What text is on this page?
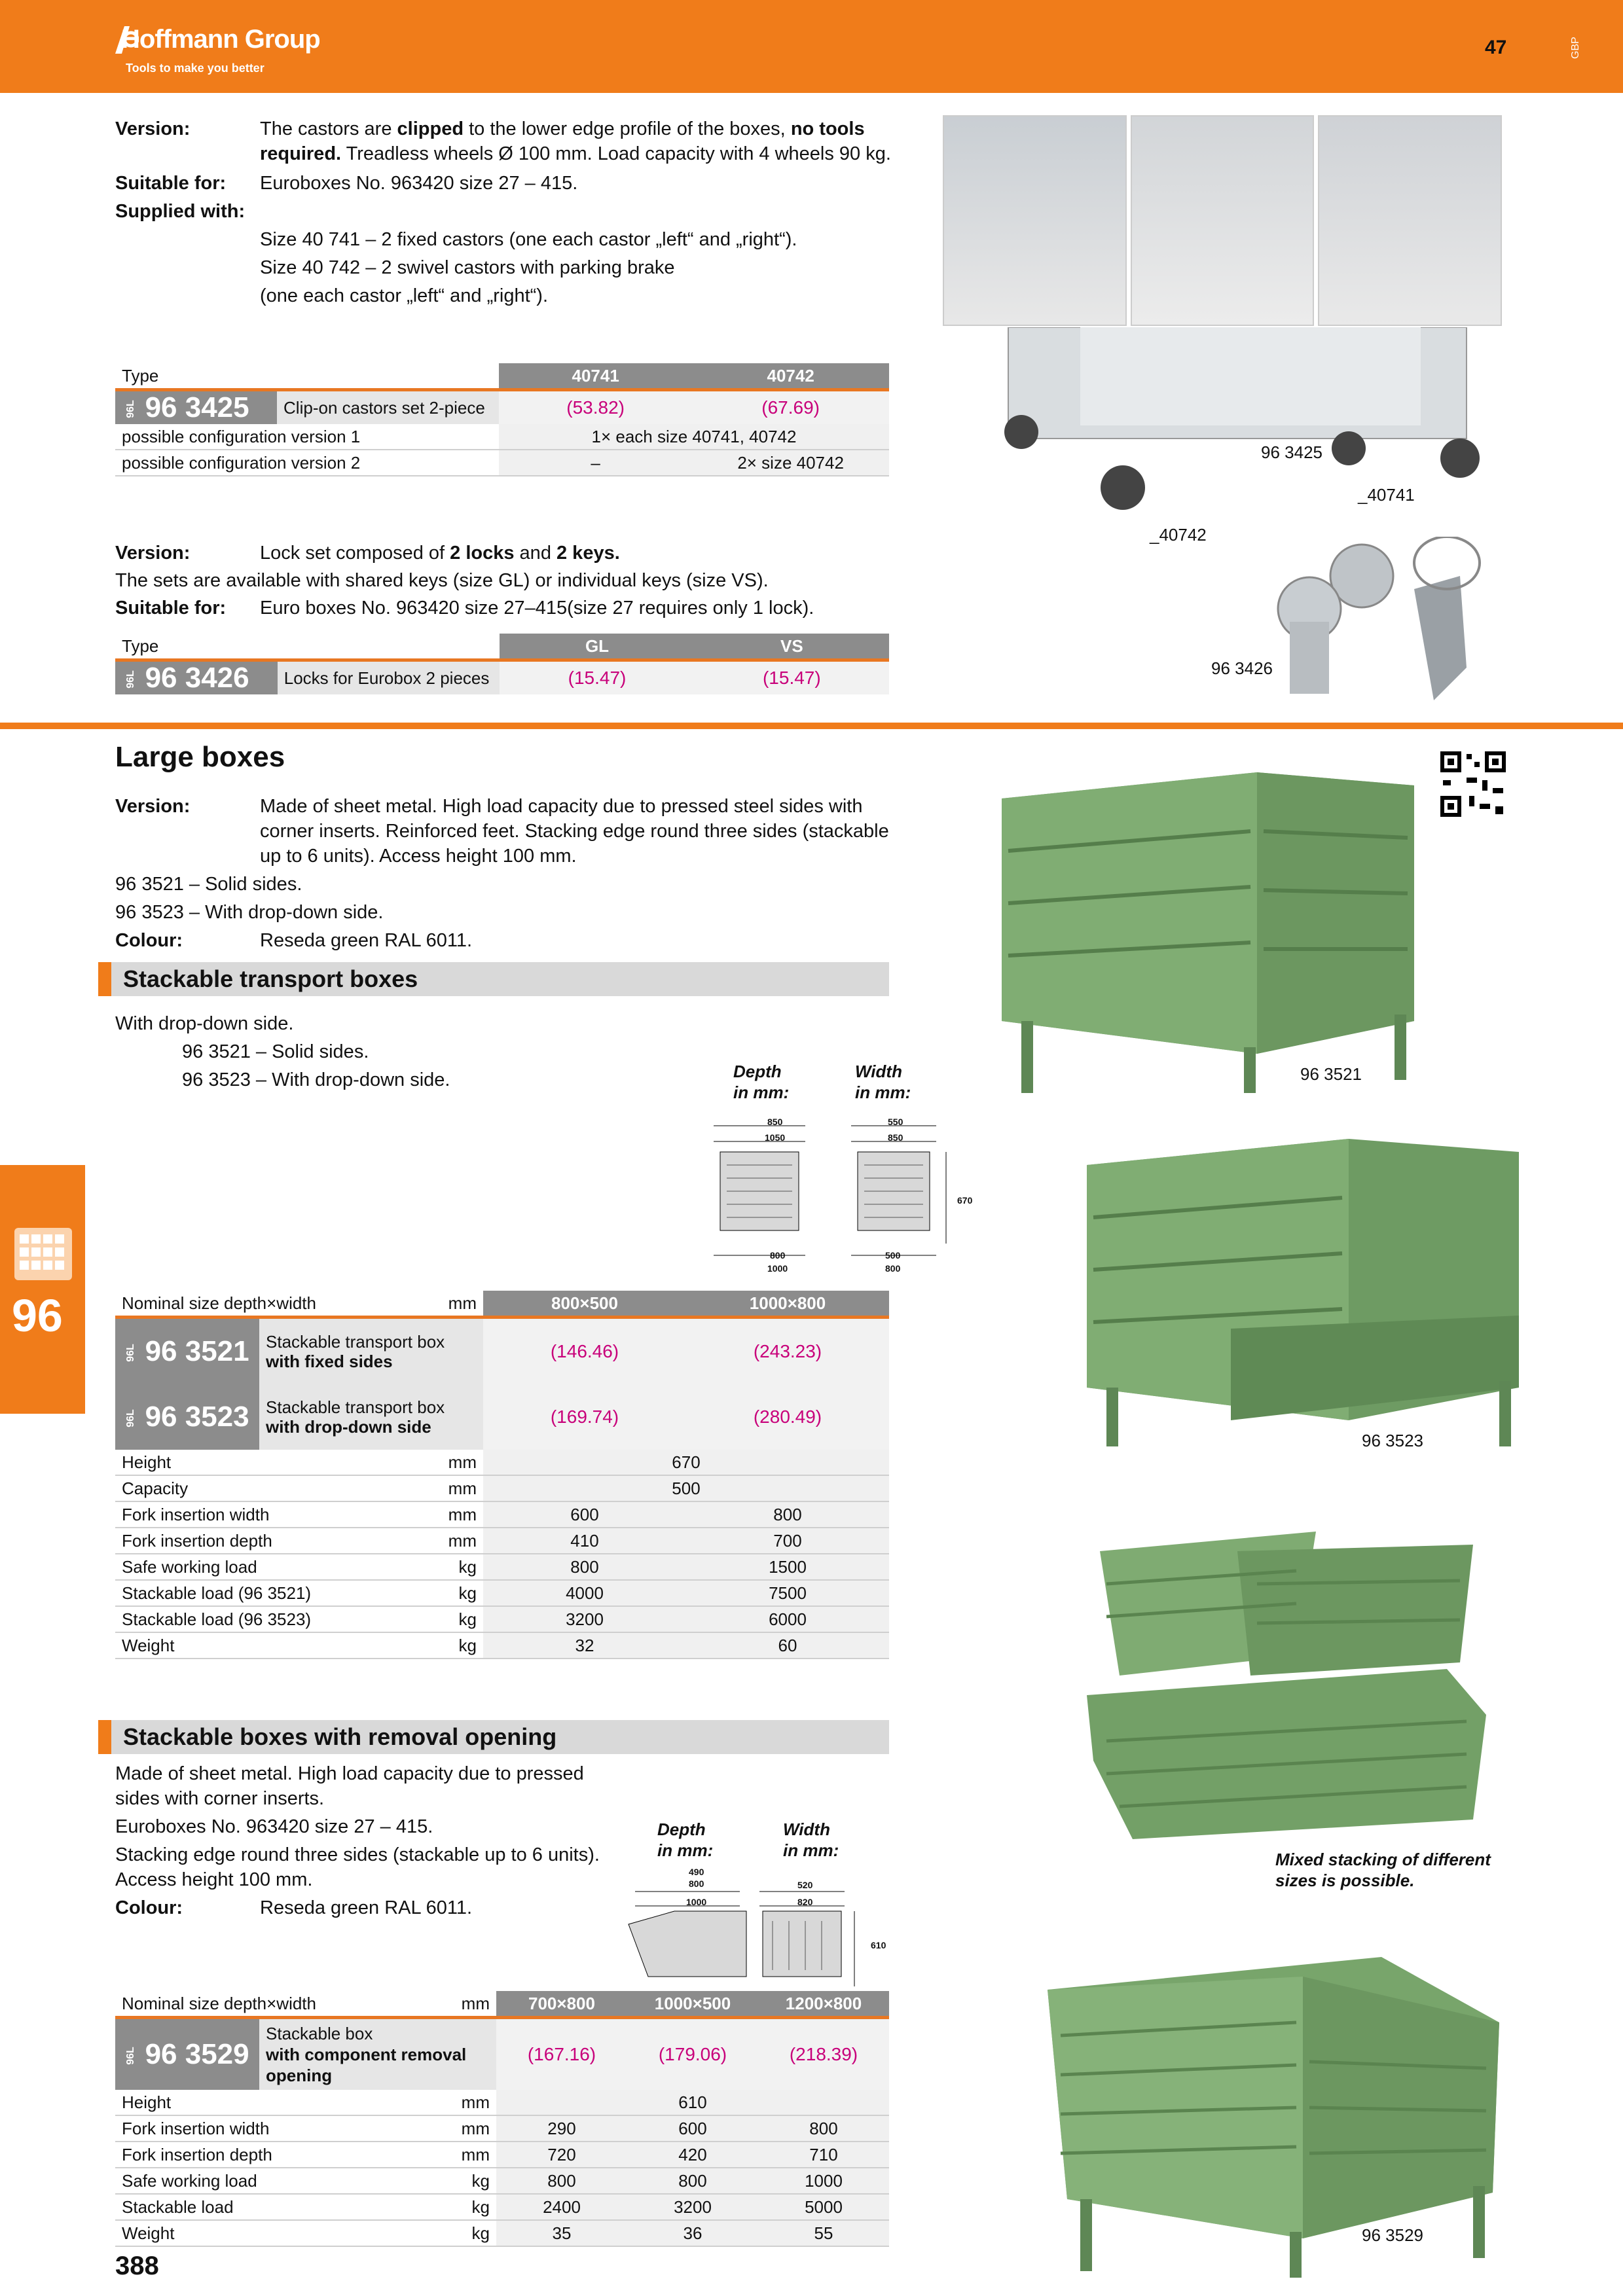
Hoffmann Group
Tools to make you better
47	GBP
Version:	The castors are clipped to the lower edge profile of the boxes, no tools
required. Treadless wheels Ø 100 mm. Load capacity with 4 wheels 90 kg.
Suitable for: Euroboxes No. 963420 size 27 – 415.
Supplied with:
Size 40 741 – 2 fixed castors (one each castor „left“ and „right“).
Size 40 742 – 2 swivel castors with parking brake
(one each castor „left“ and „right“).
Type		40741	40742
96L 96 3425	Clip-on castors set 2-piece	(53.82)	(67.69)
possible configuration version 1		1× each size 40741, 40742	
possible configuration version 2		–	2× size 40742
96 3425
_40741
_40742
Version:	Lock set composed of 2 locks and 2 keys.
The sets are available with shared keys (size GL) or individual keys (size VS).
Suitable for: Euro boxes No. 963420 size 27–415(size 27 requires only 1 lock).
Type		GL	VS
96L 96 3426	Locks for Eurobox 2 pieces	(15.47)	(15.47)	96 3426
Large boxes
Version:	Made of sheet metal. High load capacity due to pressed steel sides with
corner inserts. Reinforced feet. Stacking edge round three sides (stackable
up to 6 units). Access height 100 mm.
96 3521 – Solid sides.
96 3523 – With drop-down side.
Colour:	Reseda green RAL 6011.
Stackable transport boxes
With drop-down side.
96 3521 – Solid sides.
96 3523 – With drop-down side.	Depth
in mm:
Width
in mm:
850
1050
550
850
670
800
1000
500
800
96	Nominal size depth×width		mm	800×500	1000×800
96L 96 3521	Stackable transport box
with fixed sides		(146.46)	(243.23)
96L 96 3523	Stackable transport box
with drop-down side		(169.74)	(280.49)
Height		mm	670	
Capacity		mm	500	
Fork insertion width		mm	600	800
Fork insertion depth		mm	410	700
Safe working load		kg	800	1500
Stackable load (96 3521)		kg	4000	7500
Stackable load (96 3523)		kg	3200	6000
Weight		kg	32	60
96 3521
96 3523
Stackable boxes with removal opening
Made of sheet metal. High load capacity due to pressed
sides with corner inserts.
Euroboxes No. 963420 size 27 – 415.
Stacking edge round three sides (stackable up to 6 units).
Access height 100 mm.
Colour:	Reseda green RAL 6011.
Depth
in mm:
Width
in mm:
490
800
1000
520
820
610
Mixed stacking of different
sizes is possible.
Nominal size depth×width		mm	700×800	1000×500	1200×800
96L 96 3529	Stackable box
with component removal
opening		(167.16)	(179.06)	(218.39)
Height		mm	610		
Fork insertion width		mm	290	600	800
Fork insertion depth		mm	720	420	710
Safe working load		kg	800	800	1000
Stackable load		kg	2400	3200	5000
Weight		kg	35	36	55	96 3529
388
